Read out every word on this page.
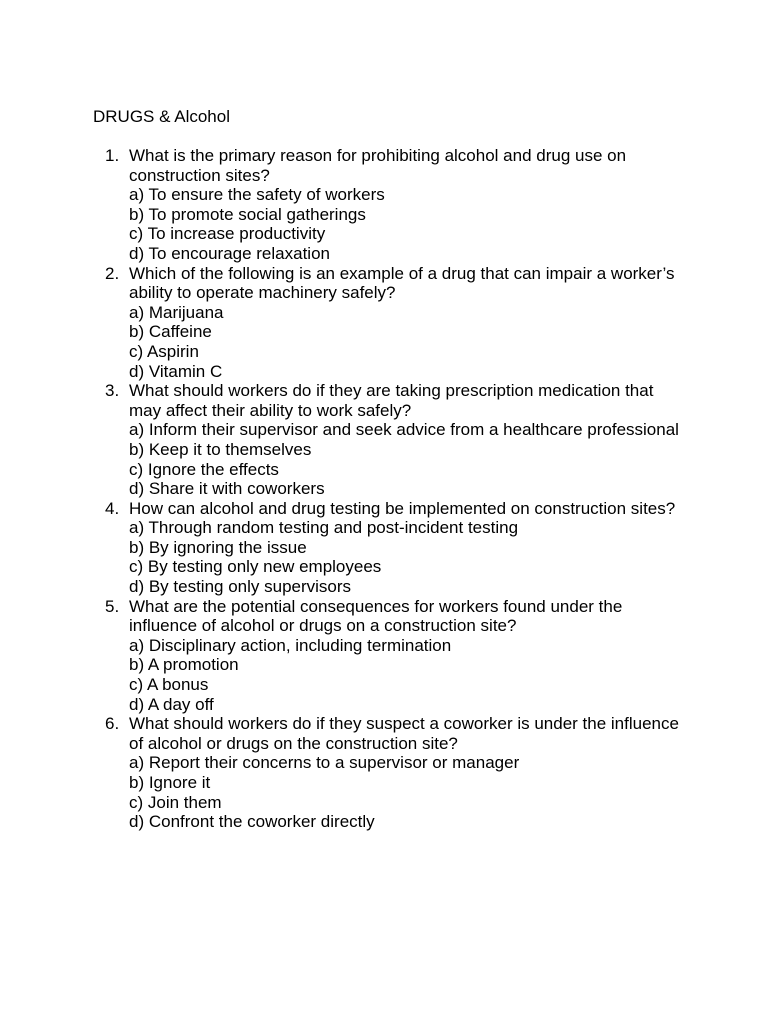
DRUGS & Alcohol
1. What is the primary reason for prohibiting alcohol and drug use on construction sites?
a) To ensure the safety of workers
b) To promote social gatherings
c) To increase productivity
d) To encourage relaxation
2. Which of the following is an example of a drug that can impair a worker’s ability to operate machinery safely?
a) Marijuana
b) Caffeine
c) Aspirin
d) Vitamin C
3. What should workers do if they are taking prescription medication that may affect their ability to work safely?
a) Inform their supervisor and seek advice from a healthcare professional
b) Keep it to themselves
c) Ignore the effects
d) Share it with coworkers
4. How can alcohol and drug testing be implemented on construction sites?
a) Through random testing and post-incident testing
b) By ignoring the issue
c) By testing only new employees
d) By testing only supervisors
5. What are the potential consequences for workers found under the influence of alcohol or drugs on a construction site?
a) Disciplinary action, including termination
b) A promotion
c) A bonus
d) A day off
6. What should workers do if they suspect a coworker is under the influence of alcohol or drugs on the construction site?
a) Report their concerns to a supervisor or manager
b) Ignore it
c) Join them
d) Confront the coworker directly
